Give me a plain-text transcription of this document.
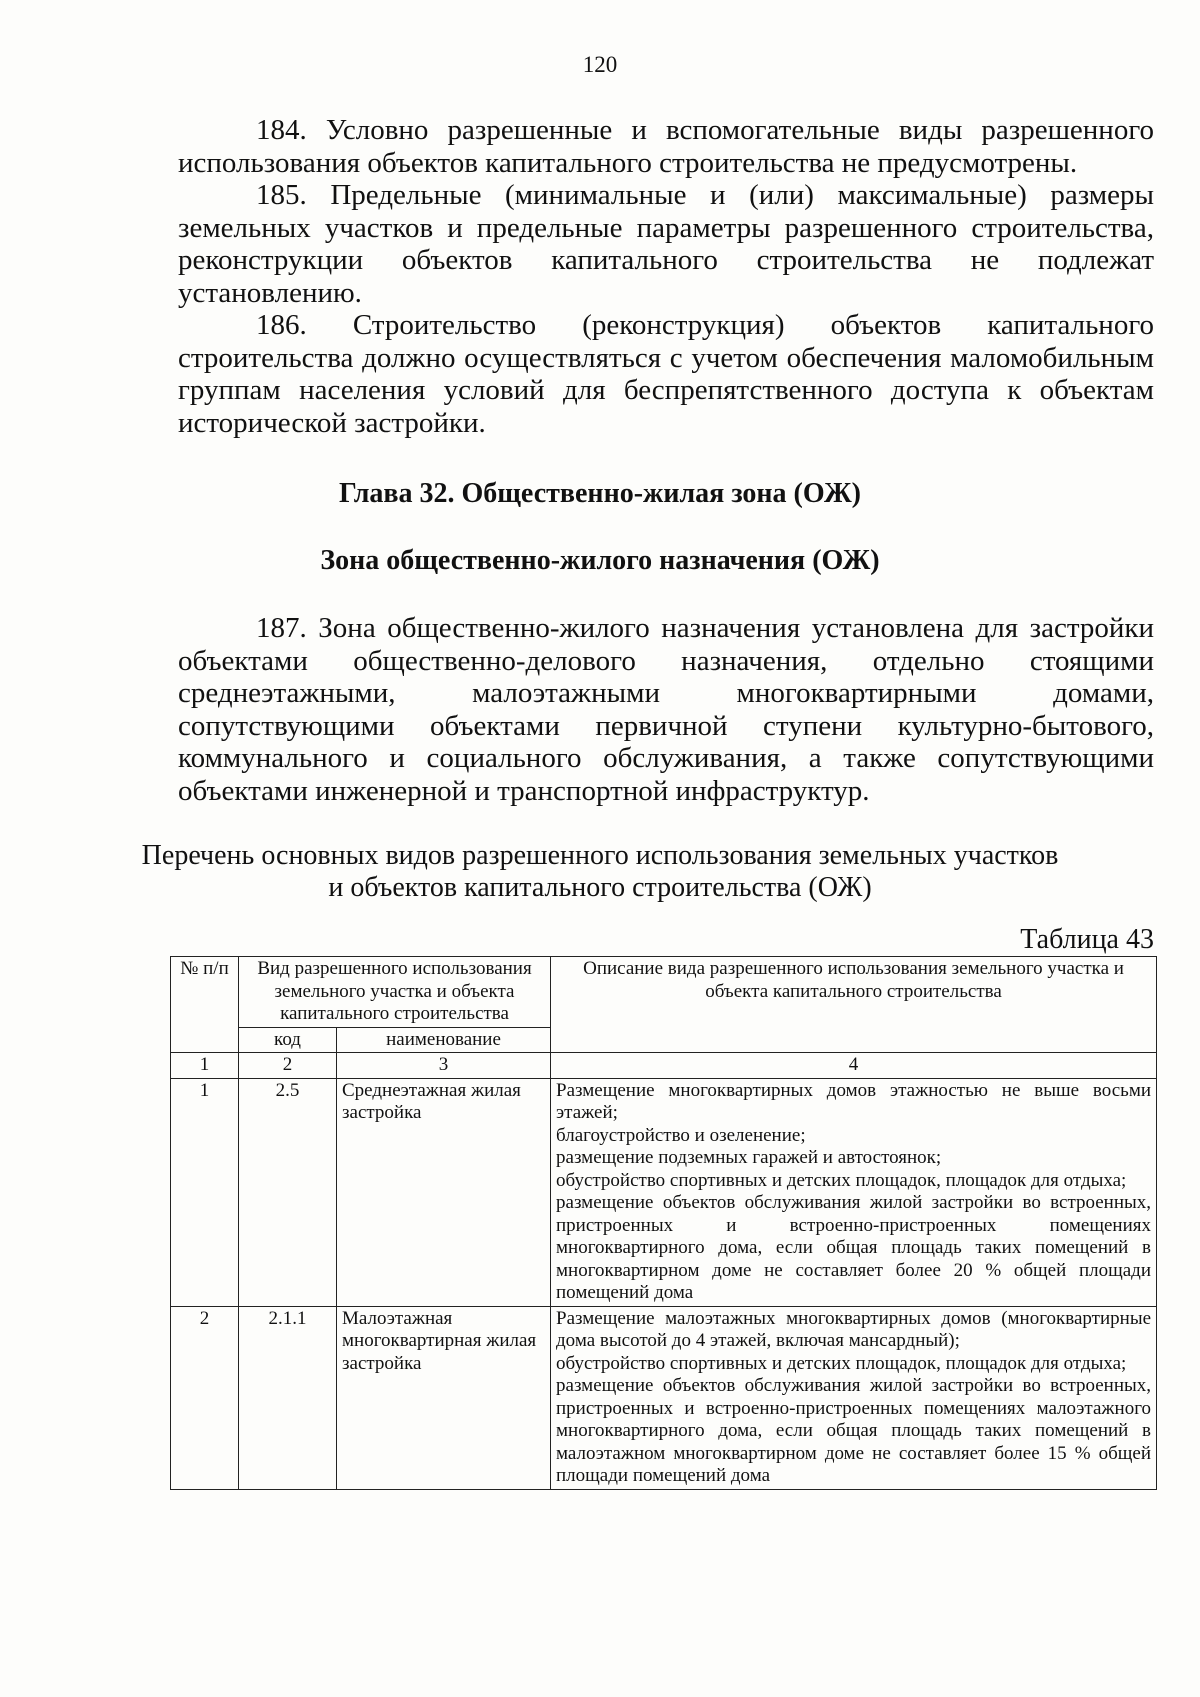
120

184. Условно разрешенные и вспомогательные виды разрешенного использования объектов капитального строительства не предусмотрены.

185. Предельные (минимальные и (или) максимальные) размеры земельных участков и предельные параметры разрешенного строительства, реконструкции объектов капитального строительства не подлежат установлению.

186. Строительство (реконструкция) объектов капитального строительства должно осуществляться с учетом обеспечения маломобильным группам населения условий для беспрепятственного доступа к объектам исторической застройки.

Глава 32. Общественно-жилая зона (ОЖ)
Зона общественно-жилого назначения (ОЖ)

187. Зона общественно-жилого назначения установлена для застройки объектами общественно-делового назначения, отдельно стоящими среднеэтажными, малоэтажными многоквартирными домами, сопутствующими объектами первичной ступени культурно-бытового, коммунального и социального обслуживания, а также сопутствующими объектами инженерной и транспортной инфраструктур.

Перечень основных видов разрешенного использования земельных участков
и объектов капитального строительства (ОЖ)
Таблица 43
№ п/п	Вид разрешенного использования земельного участка и объекта капитального строительства		Описание вида разрешенного использования земельного участка и объекта капитального строительства
	код	наименование	
1	2	3	4
1	2.5	Среднеэтажная жилая застройка	Размещение многоквартирных домов этажностью не выше восьми этажей;
благоустройство и озеленение;
размещение подземных гаражей и автостоянок;
обустройство спортивных и детских площадок, площадок для отдыха;
размещение объектов обслуживания жилой застройки во встроенных, пристроенных и встроенно-пристроенных помещениях многоквартирного дома, если общая площадь таких помещений в многоквартирном доме не составляет более 20 % общей площади помещений дома

2	2.1.1	Малоэтажная многоквартирная жилая застройка	Размещение малоэтажных многоквартирных домов (многоквартирные дома высотой до 4 этажей, включая мансардный);
обустройство спортивных и детских площадок, площадок для отдыха;
размещение объектов обслуживания жилой застройки во встроенных, пристроенных и встроенно-пристроенных помещениях малоэтажного многоквартирного дома, если общая площадь таких помещений в малоэтажном многоквартирном доме не составляет более 15 % общей площади помещений дома
